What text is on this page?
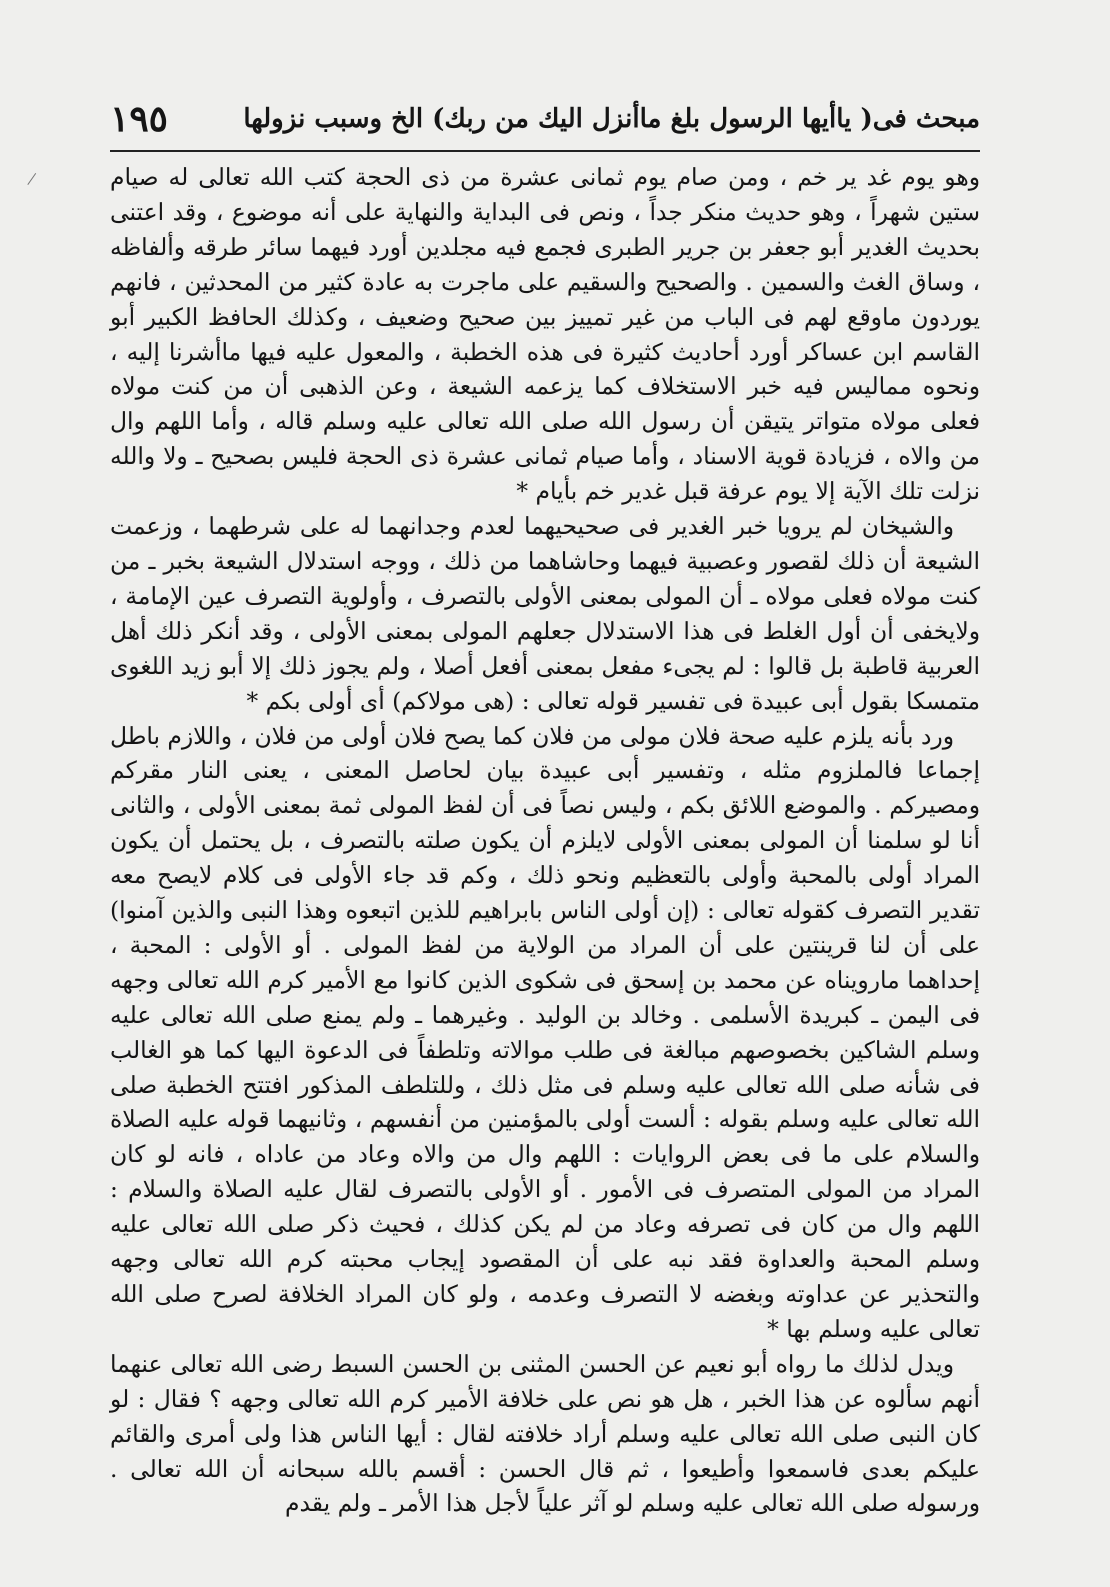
مبحث فى( ياأيها الرسول بلغ ماأنزل اليك من ربك) الخ وسبب نزولها
١٩٥

وهو يوم غد ير خم ، ومن صام يوم ثمانى عشرة من ذى الحجة كتب الله تعالى له صيام ستين شهراً ، وهو حديث منكر جداً ، ونص فى البداية والنهاية على أنه موضوع ، وقد اعتنى بحديث الغدير أبو جعفر بن جرير الطبرى فجمع فيه مجلدين أورد فيهما سائر طرقه وألفاظه ، وساق الغث والسمين . والصحيح والسقيم على ماجرت به عادة كثير من المحدثين ، فانهم يوردون ماوقع لهم فى الباب من غير تمييز بين صحيح وضعيف ، وكذلك الحافظ الكبير أبو القاسم ابن عساكر أورد أحاديث كثيرة فى هذه الخطبة ، والمعول عليه فيها ماأشرنا إليه ، ونحوه مماليس فيه خبر الاستخلاف كما يزعمه الشيعة ، وعن الذهبى أن من كنت مولاه فعلى مولاه متواتر يتيقن أن رسول الله صلى الله تعالى عليه وسلم قاله ، وأما اللهم وال من والاه ، فزيادة قوية الاسناد ، وأما صيام ثمانى عشرة ذى الحجة فليس بصحيح ـ ولا والله نزلت تلك الآية إلا يوم عرفة قبل غدير خم بأيام *

والشيخان لم يرويا خبر الغدير فى صحيحيهما لعدم وجدانهما له على شرطهما ، وزعمت الشيعة أن ذلك لقصور وعصبية فيهما وحاشاهما من ذلك ، ووجه استدلال الشيعة بخبر ـ من كنت مولاه فعلى مولاه ـ أن المولى بمعنى الأولى بالتصرف ، وأولوية التصرف عين الإمامة ، ولايخفى أن أول الغلط فى هذا الاستدلال جعلهم المولى بمعنى الأولى ، وقد أنكر ذلك أهل العربية قاطبة بل قالوا : لم يجىء مفعل بمعنى أفعل أصلا ، ولم يجوز ذلك إلا أبو زيد اللغوى متمسكا بقول أبى عبيدة فى تفسير قوله تعالى : (هى مولاكم) أى أولى بكم *

ورد بأنه يلزم عليه صحة فلان مولى من فلان كما يصح فلان أولى من فلان ، واللازم باطل إجماعا فالملزوم مثله ، وتفسير أبى عبيدة بيان لحاصل المعنى ، يعنى النار مقركم ومصيركم . والموضع اللائق بكم ، وليس نصاً فى أن لفظ المولى ثمة بمعنى الأولى ، والثانى أنا لو سلمنا أن المولى بمعنى الأولى لايلزم أن يكون صلته بالتصرف ، بل يحتمل أن يكون المراد أولى بالمحبة وأولى بالتعظيم ونحو ذلك ، وكم قد جاء الأولى فى كلام لايصح معه تقدير التصرف كقوله تعالى : (إن أولى الناس بابراهيم للذين اتبعوه وهذا النبى والذين آمنوا) على أن لنا قرينتين على أن المراد من الولاية من لفظ المولى . أو الأولى : المحبة ، إحداهما مارويناه عن محمد بن إسحق فى شكوى الذين كانوا مع الأمير كرم الله تعالى وجهه فى اليمن ـ كبريدة الأسلمى . وخالد بن الوليد . وغيرهما ـ ولم يمنع صلى الله تعالى عليه وسلم الشاكين بخصوصهم مبالغة فى طلب موالاته وتلطفاً فى الدعوة اليها كما هو الغالب فى شأنه صلى الله تعالى عليه وسلم فى مثل ذلك ، وللتلطف المذكور افتتح الخطبة صلى الله تعالى عليه وسلم بقوله : ألست أولى بالمؤمنين من أنفسهم ، وثانيهما قوله عليه الصلاة والسلام على ما فى بعض الروايات : اللهم وال من والاه وعاد من عاداه ، فانه لو كان المراد من المولى المتصرف فى الأمور . أو الأولى بالتصرف لقال عليه الصلاة والسلام : اللهم وال من كان فى تصرفه وعاد من لم يكن كذلك ، فحيث ذكر صلى الله تعالى عليه وسلم المحبة والعداوة فقد نبه على أن المقصود إيجاب محبته كرم الله تعالى وجهه والتحذير عن عداوته وبغضه لا التصرف وعدمه ، ولو كان المراد الخلافة لصرح صلى الله تعالى عليه وسلم بها *

ويدل لذلك ما رواه أبو نعيم عن الحسن المثنى بن الحسن السبط رضى الله تعالى عنهما أنهم سألوه عن هذا الخبر ، هل هو نص على خلافة الأمير كرم الله تعالى وجهه ؟ فقال : لو كان النبى صلى الله تعالى عليه وسلم أراد خلافته لقال : أيها الناس هذا ولى أمرى والقائم عليكم بعدى فاسمعوا وأطيعوا ، ثم قال الحسن : أقسم بالله سبحانه أن الله تعالى . ورسوله صلى الله تعالى عليه وسلم لو آثر علياً لأجل هذا الأمر ـ ولم يقدم
